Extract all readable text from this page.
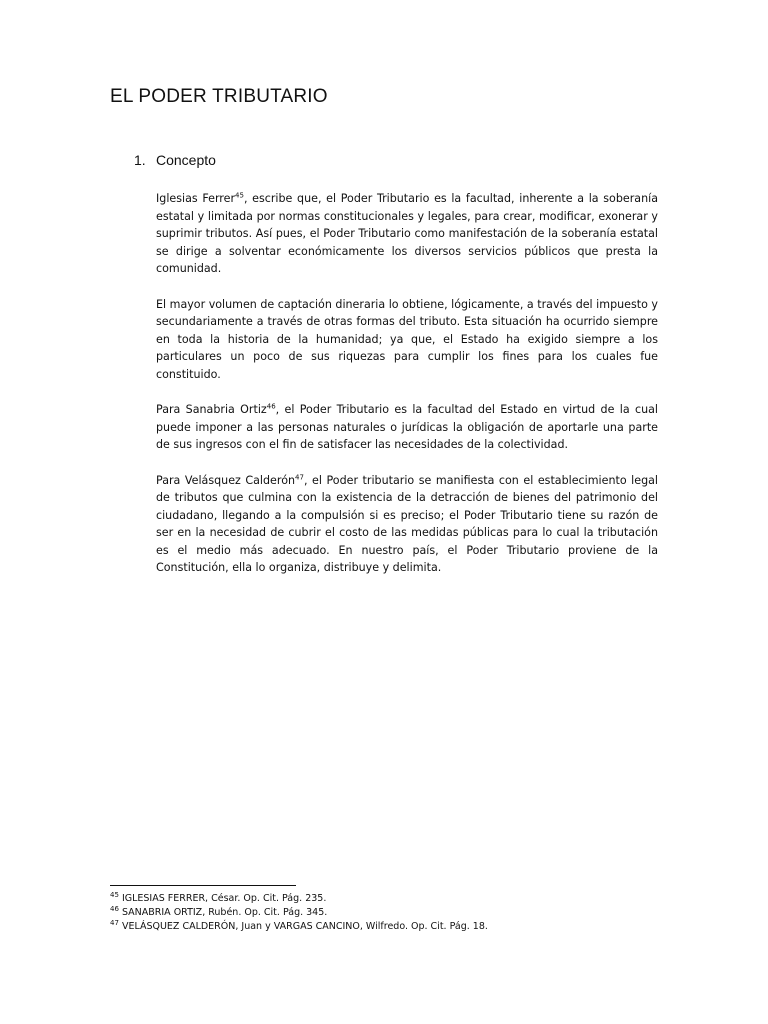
EL PODER TRIBUTARIO
1. Concepto

Iglesias Ferrer$^{45}$, escribe que, el Poder Tributario es la facultad, inherente a la soberanía estatal y limitada por normas constitucionales y legales, para crear, modificar, exonerar y suprimir tributos. Así pues, el Poder Tributario como manifestación de la soberanía estatal se dirige a solventar económicamente los diversos servicios públicos que presta la comunidad.

El mayor volumen de captación dineraria lo obtiene, lógicamente, a través del impuesto y secundariamente a través de otras formas del tributo. Esta situación ha ocurrido siempre en toda la historia de la humanidad; ya que, el Estado ha exigido siempre a los particulares un poco de sus riquezas para cumplir los fines para los cuales fue constituido.

Para Sanabria Ortiz$^{46}$, el Poder Tributario es la facultad del Estado en virtud de la cual puede imponer a las personas naturales o jurídicas la obligación de aportarle una parte de sus ingresos con el fin de satisfacer las necesidades de la colectividad.

Para Velásquez Calderón$^{47}$, el Poder tributario se manifiesta con el establecimiento legal de tributos que culmina con la existencia de la detracción de bienes del patrimonio del ciudadano, llegando a la compulsión si es preciso; el Poder Tributario tiene su razón de ser en la necesidad de cubrir el costo de las medidas públicas para lo cual la tributación es el medio más adecuado. En nuestro país, el Poder Tributario proviene de la Constitución, ella lo organiza, distribuye y delimita.

$^{45}$ IGLESIAS FERRER, César. Op. Cit. Pág. 235.
$^{46}$ SANABRIA ORTIZ, Rubén. Op. Cit. Pág. 345.
$^{47}$ VELÁSQUEZ CALDERÓN, Juan y VARGAS CANCINO, Wilfredo. Op. Cit. Pág. 18.
